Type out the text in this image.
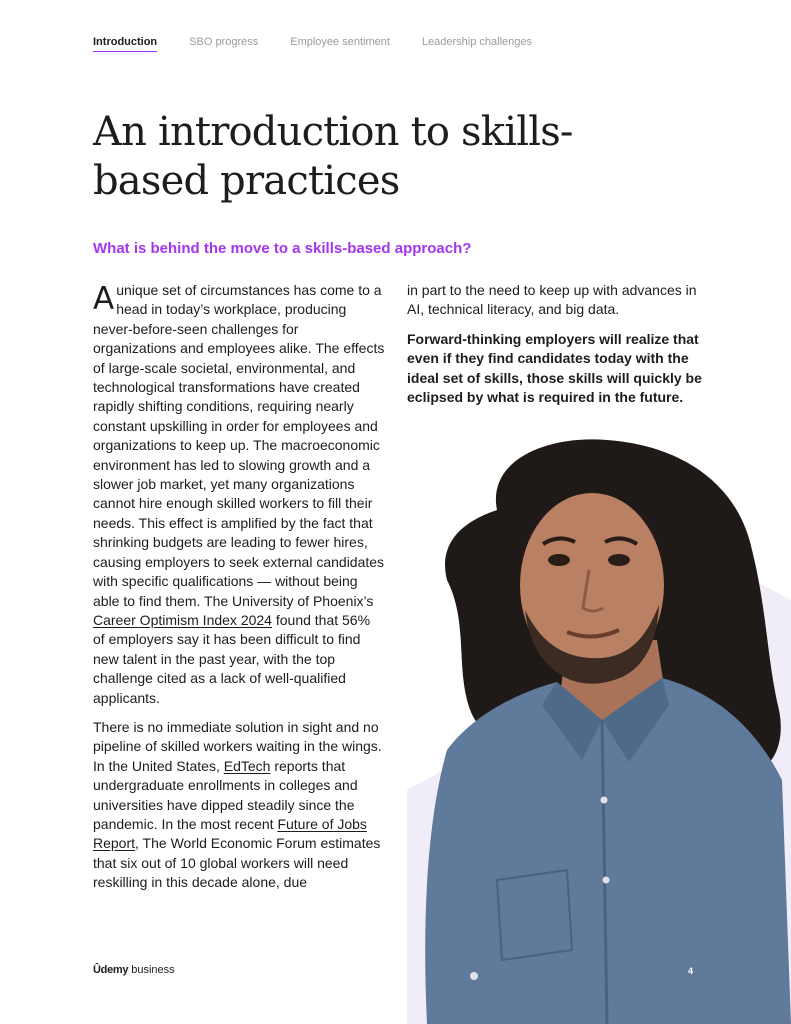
Introduction	SBO progress	Employee sentiment	Leadership challenges
An introduction to skills-based practices
What is behind the move to a skills-based approach?

Aunique set of circumstances has come to a head in today’s workplace, producing never-before-seen challenges for organizations and employees alike. The effects of large-scale societal, environmental, and technological transformations have created rapidly shifting conditions, requiring nearly constant upskilling in order for employees and organizations to keep up. The macroeconomic environment has led to slowing growth and a slower job market, yet many organizations cannot hire enough skilled workers to fill their needs. This effect is amplified by the fact that shrinking budgets are leading to fewer hires, causing employers to seek external candidates with specific qualifications — without being able to find them. The University of Phoenix’s Career Optimism Index 2024 found that 56% of employers say it has been difficult to find new talent in the past year, with the top challenge cited as a lack of well-qualified applicants.

There is no immediate solution in sight and no pipeline of skilled workers waiting in the wings. In the United States, EdTech reports that undergraduate enrollments in colleges and universities have dipped steadily since the pandemic. In the most recent Future of Jobs Report, The World Economic Forum estimates that six out of 10 global workers will need reskilling in this decade alone, due

in part to the need to keep up with advances in AI, technical literacy, and big data.

Forward-thinking employers will realize that even if they find candidates today with the ideal set of skills, those skills will quickly be eclipsed by what is required in the future.

Ûdemy business	4
